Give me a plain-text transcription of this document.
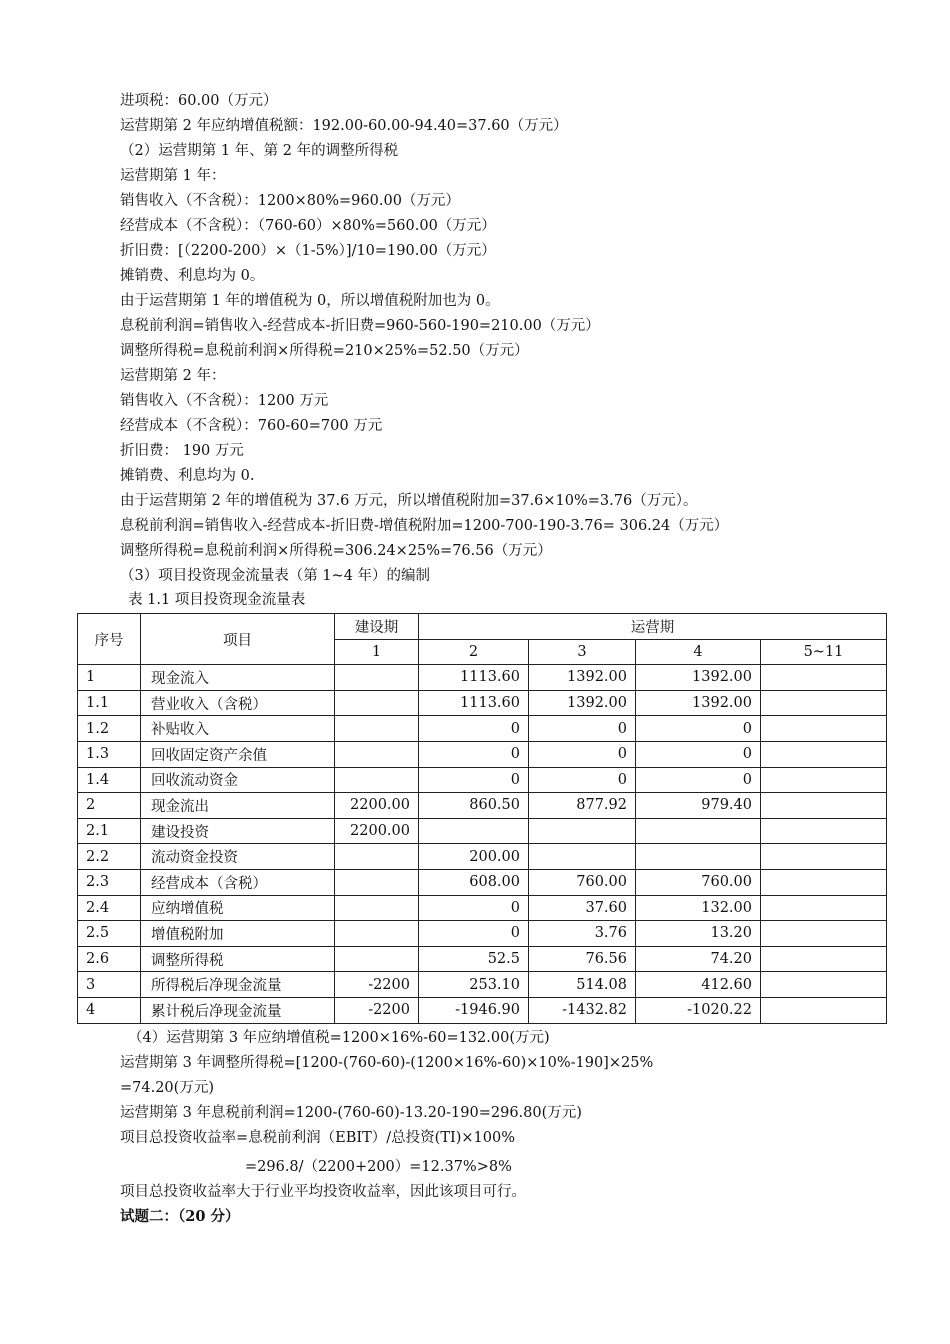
进项税：60.00（万元）
运营期第 2 年应纳增值税额：192.00-60.00-94.40=37.60（万元）
（2）运营期第 1 年、第 2 年的调整所得税
运营期第 1 年：
销售收入（不含税）：1200×80%=960.00（万元）
经营成本（不含税）：（760-60）×80%=560.00（万元）
折旧费：[（2200-200）×（1-5%）]/10=190.00（万元）
摊销费、利息均为 0。
由于运营期第 1 年的增值税为 0，所以增值税附加也为 0。
息税前利润=销售收入-经营成本-折旧费=960-560-190=210.00（万元）
调整所得税=息税前利润×所得税=210×25%=52.50（万元）
运营期第 2 年：
销售收入（不含税）：1200 万元
经营成本（不含税）：760-60=700 万元
折旧费： 190 万元
摊销费、利息均为 0.
由于运营期第 2 年的增值税为 37.6 万元，所以增值税附加=37.6×10%=3.76（万元）。
息税前利润=销售收入-经营成本-折旧费-增值税附加=1200-700-190-3.76= 306.24（万元）
调整所得税=息税前利润×所得税=306.24×25%=76.56（万元）
（3）项目投资现金流量表（第 1~4 年）的编制
表 1.1 项目投资现金流量表
序号	项目	建设期	运营期			
		1	2	3	4	5~11
1	现金流入		1113.60	1392.00	1392.00	
1.1	营业收入（含税）		1113.60	1392.00	1392.00	
1.2	补贴收入		0	0	0	
1.3	回收固定资产余值		0	0	0	
1.4	回收流动资金		0	0	0	
2	现金流出	2200.00	860.50	877.92	979.40	
2.1	建设投资	2200.00				
2.2	流动资金投资		200.00			
2.3	经营成本（含税）		608.00	760.00	760.00	
2.4	应纳增值税		0	37.60	132.00	
2.5	增值税附加		0	3.76	13.20	
2.6	调整所得税		52.5	76.56	74.20	
3	所得税后净现金流量	-2200	253.10	514.08	412.60	
4	累计税后净现金流量	-2200	-1946.90	-1432.82	-1020.22	
（4）运营期第 3 年应纳增值税=1200×16%-60=132.00(万元)
运营期第 3 年调整所得税=[1200-(760-60)-(1200×16%-60)×10%-190]×25%
=74.20(万元)
运营期第 3 年息税前利润=1200-(760-60)-13.20-190=296.80(万元)
项目总投资收益率=息税前利润（EBIT）/总投资(TI)×100%
=296.8/（2200+200）=12.37%>8%
项目总投资收益率大于行业平均投资收益率，因此该项目可行。
试题二：（20 分）
